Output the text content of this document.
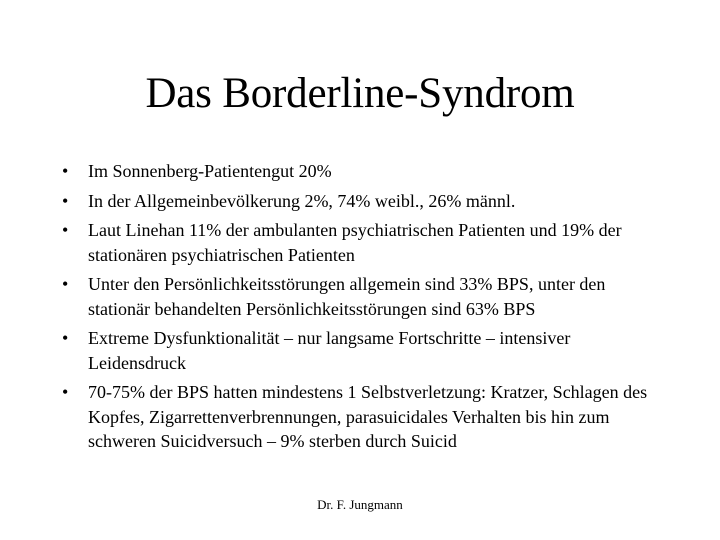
Das Borderline-Syndrom
• Im Sonnenberg-Patientengut 20%
• In der Allgemeinbevölkerung 2%, 74% weibl., 26% männl.
• Laut Linehan 11% der ambulanten psychiatrischen Patienten und 19% der stationären psychiatrischen Patienten
• Unter den Persönlichkeitsstörungen allgemein sind 33% BPS, unter den stationär behandelten Persönlichkeitsstörungen sind 63% BPS
• Extreme Dysfunktionalität – nur langsame Fortschritte – intensiver Leidensdruck
• 70-75% der BPS hatten mindestens 1 Selbstverletzung: Kratzer, Schlagen des Kopfes, Zigarrettenverbrennungen, parasuicidales Verhalten bis hin zum schweren Suicidversuch – 9% sterben durch Suicid
Dr. F. Jungmann
